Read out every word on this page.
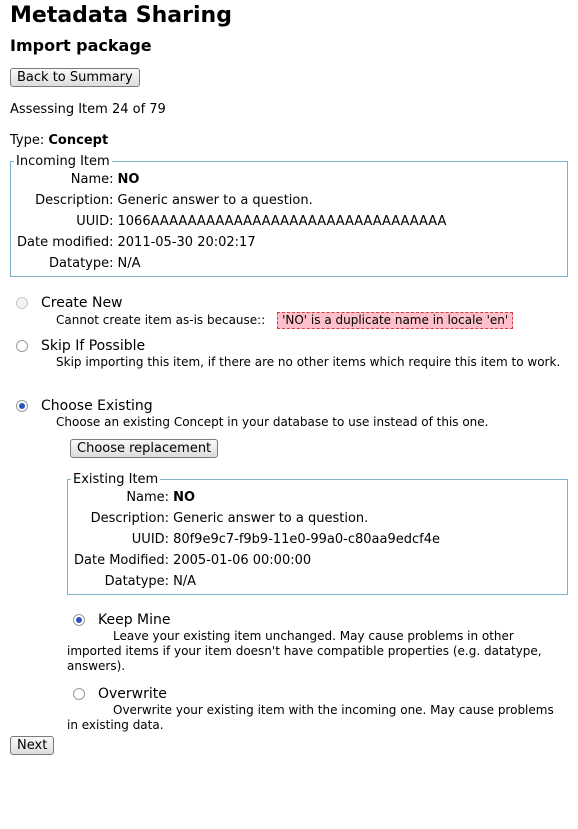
Metadata Sharing
Import package
Back to Summary
Assessing Item 24 of 79
Type: Concept
Incoming Item
Name:	NO
Description:	Generic answer to a question.
UUID:	1066AAAAAAAAAAAAAAAAAAAAAAAAAAAAAAAA
Date modified:	2011-05-30 20:02:17
Datatype:	N/A
Create New
Cannot create item as-is because:: 'NO' is a duplicate name in locale 'en'
Skip If Possible
Skip importing this item, if there are no other items which require this item to work.
Choose Existing
Choose an existing Concept in your database to use instead of this one.
Choose replacement
Existing Item
Name:	NO
Description:	Generic answer to a question.
UUID:	80f9e9c7-f9b9-11e0-99a0-c80aa9edcf4e
Date Modified:	2005-01-06 00:00:00
Datatype:	N/A
Keep Mine
Leave your existing item unchanged. May cause problems in other imported items if your item doesn't have compatible properties (e.g. datatype, answers).
Overwrite
Overwrite your existing item with the incoming one. May cause problems in existing data.
Next
